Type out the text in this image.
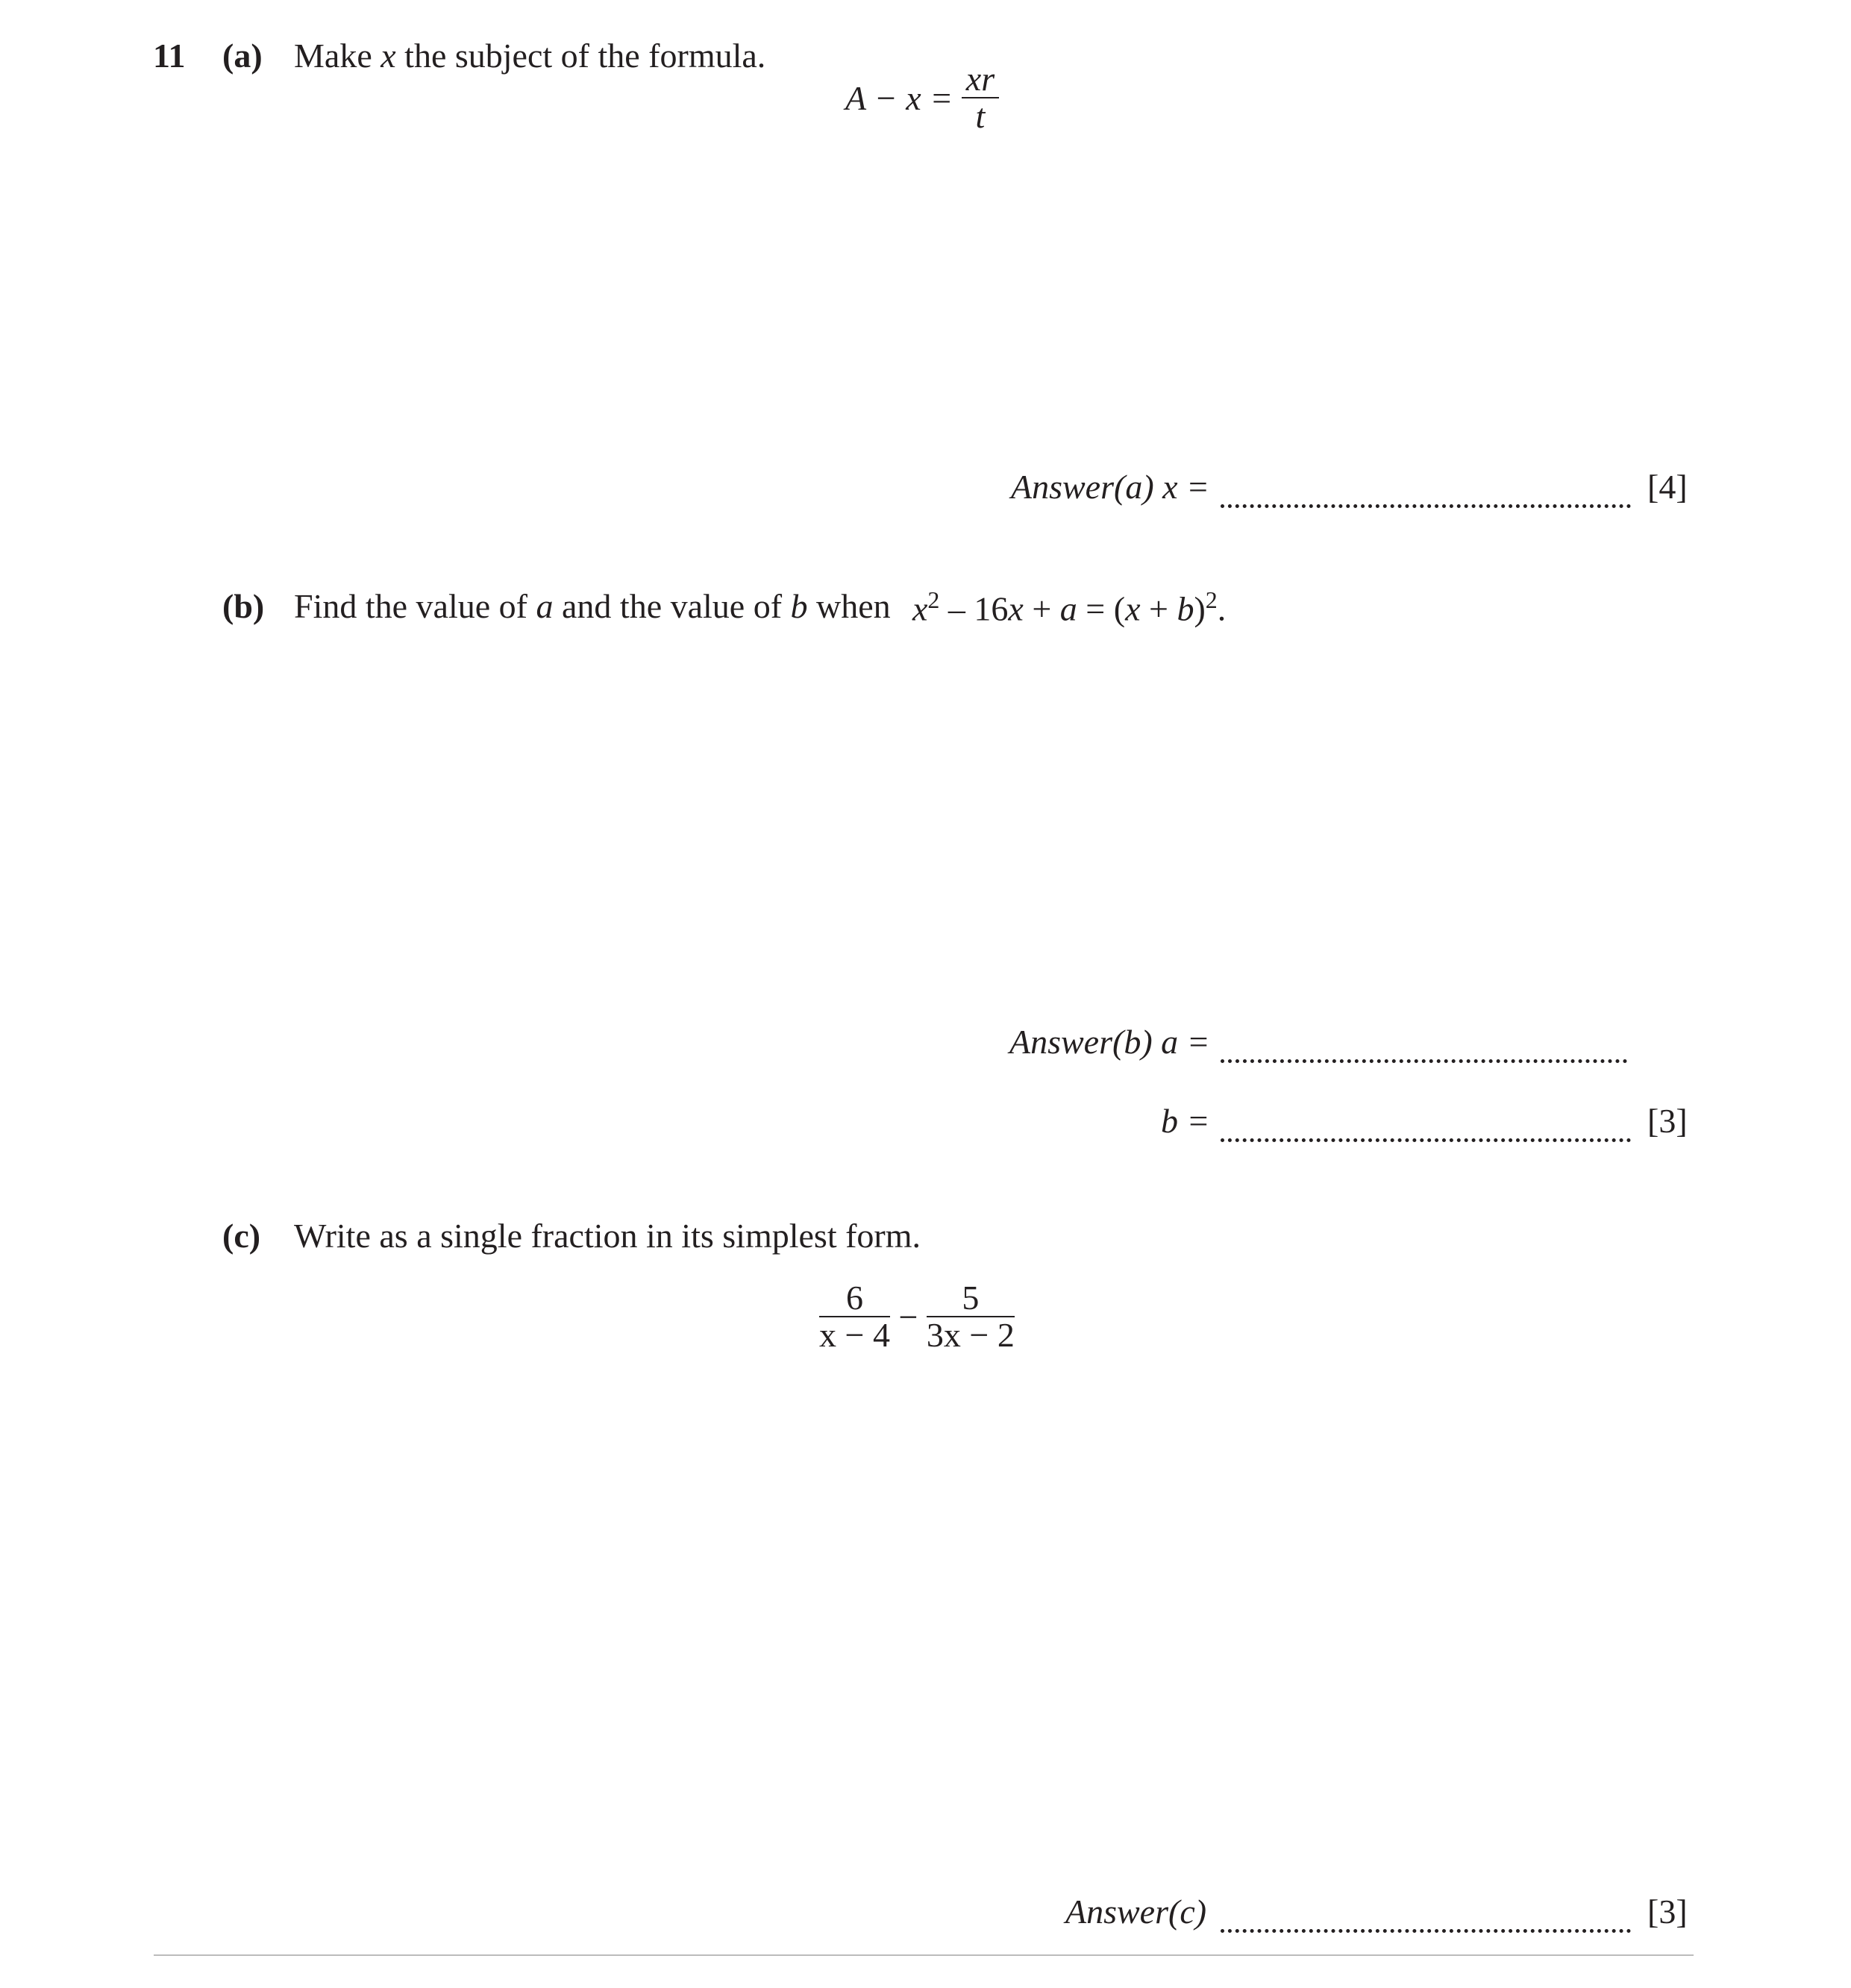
11 (a) Make x the subject of the formula.
$A - x = \frac{xr}{t}$
Answer(a) x =	[4]
(b) Find the value of a and the value of b when $x^2 - 16x + a = (x + b)^2$.
Answer(b) a =
b =	[3]
(c) Write as a single fraction in its simplest form.
$\frac{6}{x - 4} - \frac{5}{3x - 2}$
Answer(c)	[3]
